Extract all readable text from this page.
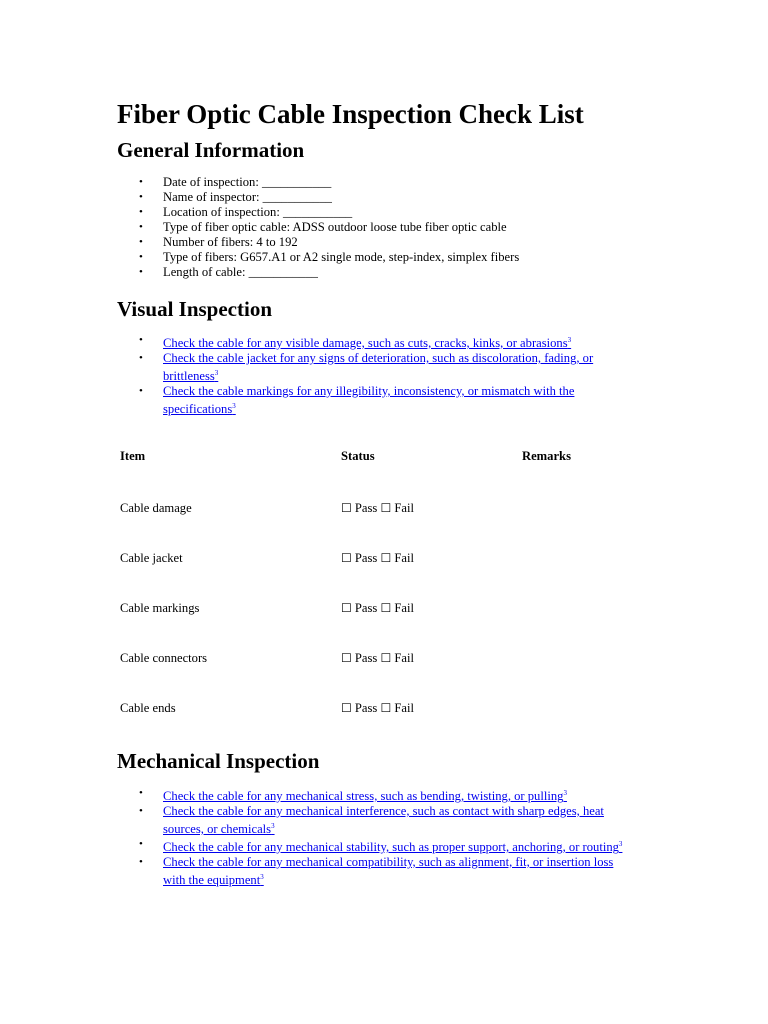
Fiber Optic Cable Inspection Check List
General Information
• Date of inspection: ___________
• Name of inspector: ___________
• Location of inspection: ___________
• Type of fiber optic cable: ADSS outdoor loose tube fiber optic cable
• Number of fibers: 4 to 192
• Type of fibers: G657.A1 or A2 single mode, step-index, simplex fibers
• Length of cable: ___________
Visual Inspection
• Check the cable for any visible damage, such as cuts, cracks, kinks, or abrasions$^3$
• Check the cable jacket for any signs of deterioration, such as discoloration, fading, or brittleness$^3$
• Check the cable markings for any illegibility, inconsistency, or mismatch with the specifications$^3$
Item	Status	Remarks
Cable damage	☐ Pass ☐ Fail	
Cable jacket	☐ Pass ☐ Fail	
Cable markings	☐ Pass ☐ Fail	
Cable connectors	☐ Pass ☐ Fail	
Cable ends	☐ Pass ☐ Fail	
Mechanical Inspection
• Check the cable for any mechanical stress, such as bending, twisting, or pulling$^3$
• Check the cable for any mechanical interference, such as contact with sharp edges, heat sources, or chemicals$^3$
• Check the cable for any mechanical stability, such as proper support, anchoring, or routing$^3$
• Check the cable for any mechanical compatibility, such as alignment, fit, or insertion loss with the equipment$^3$
